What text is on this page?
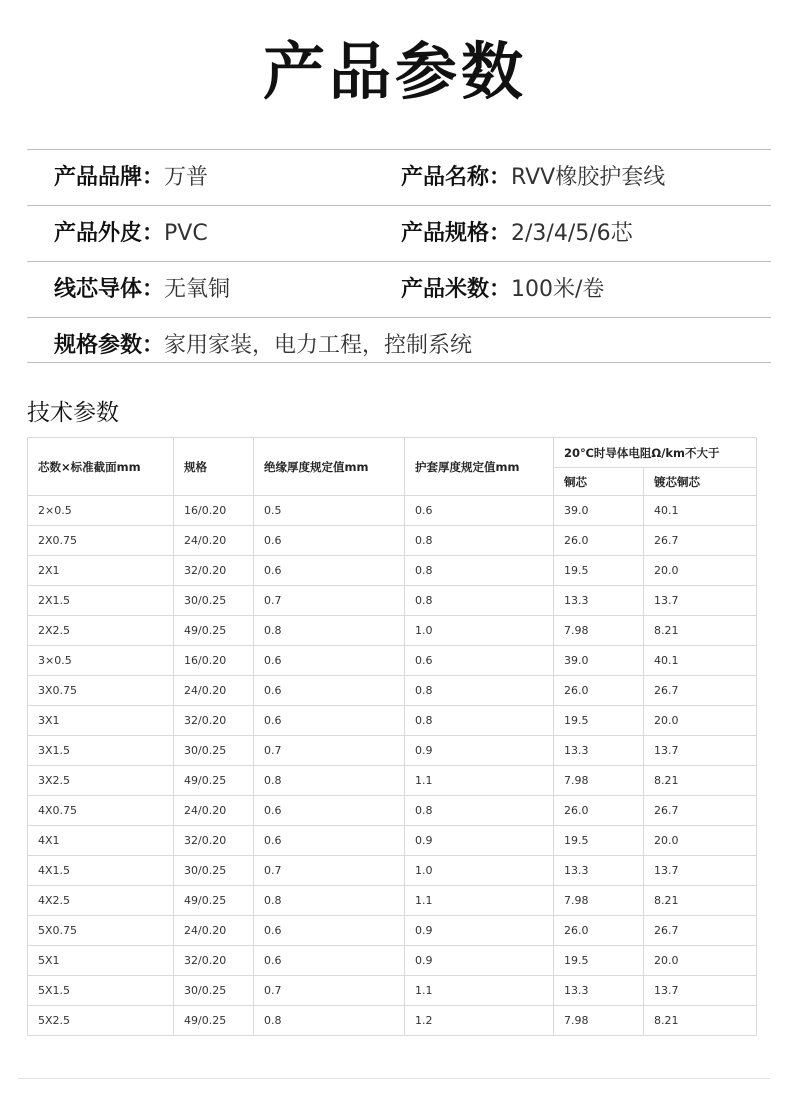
产品参数
产品品牌：万普	产品名称：RVV橡胶护套线
产品外皮：PVC	产品规格：2/3/4/5/6芯
线芯导体：无氧铜	产品米数：100米/卷
规格参数：家用家装，电力工程，控制系统
技术参数
芯数×标准截面mm	规格	绝缘厚度规定值mm	护套厚度规定值mm	20℃时导体电阻Ω/km不大于	
				铜芯	镀芯铜芯
2×0.5	16/0.20	0.5	0.6	39.0	40.1
2X0.75	24/0.20	0.6	0.8	26.0	26.7
2X1	32/0.20	0.6	0.8	19.5	20.0
2X1.5	30/0.25	0.7	0.8	13.3	13.7
2X2.5	49/0.25	0.8	1.0	7.98	8.21
3×0.5	16/0.20	0.6	0.6	39.0	40.1
3X0.75	24/0.20	0.6	0.8	26.0	26.7
3X1	32/0.20	0.6	0.8	19.5	20.0
3X1.5	30/0.25	0.7	0.9	13.3	13.7
3X2.5	49/0.25	0.8	1.1	7.98	8.21
4X0.75	24/0.20	0.6	0.8	26.0	26.7
4X1	32/0.20	0.6	0.9	19.5	20.0
4X1.5	30/0.25	0.7	1.0	13.3	13.7
4X2.5	49/0.25	0.8	1.1	7.98	8.21
5X0.75	24/0.20	0.6	0.9	26.0	26.7
5X1	32/0.20	0.6	0.9	19.5	20.0
5X1.5	30/0.25	0.7	1.1	13.3	13.7
5X2.5	49/0.25	0.8	1.2	7.98	8.21
